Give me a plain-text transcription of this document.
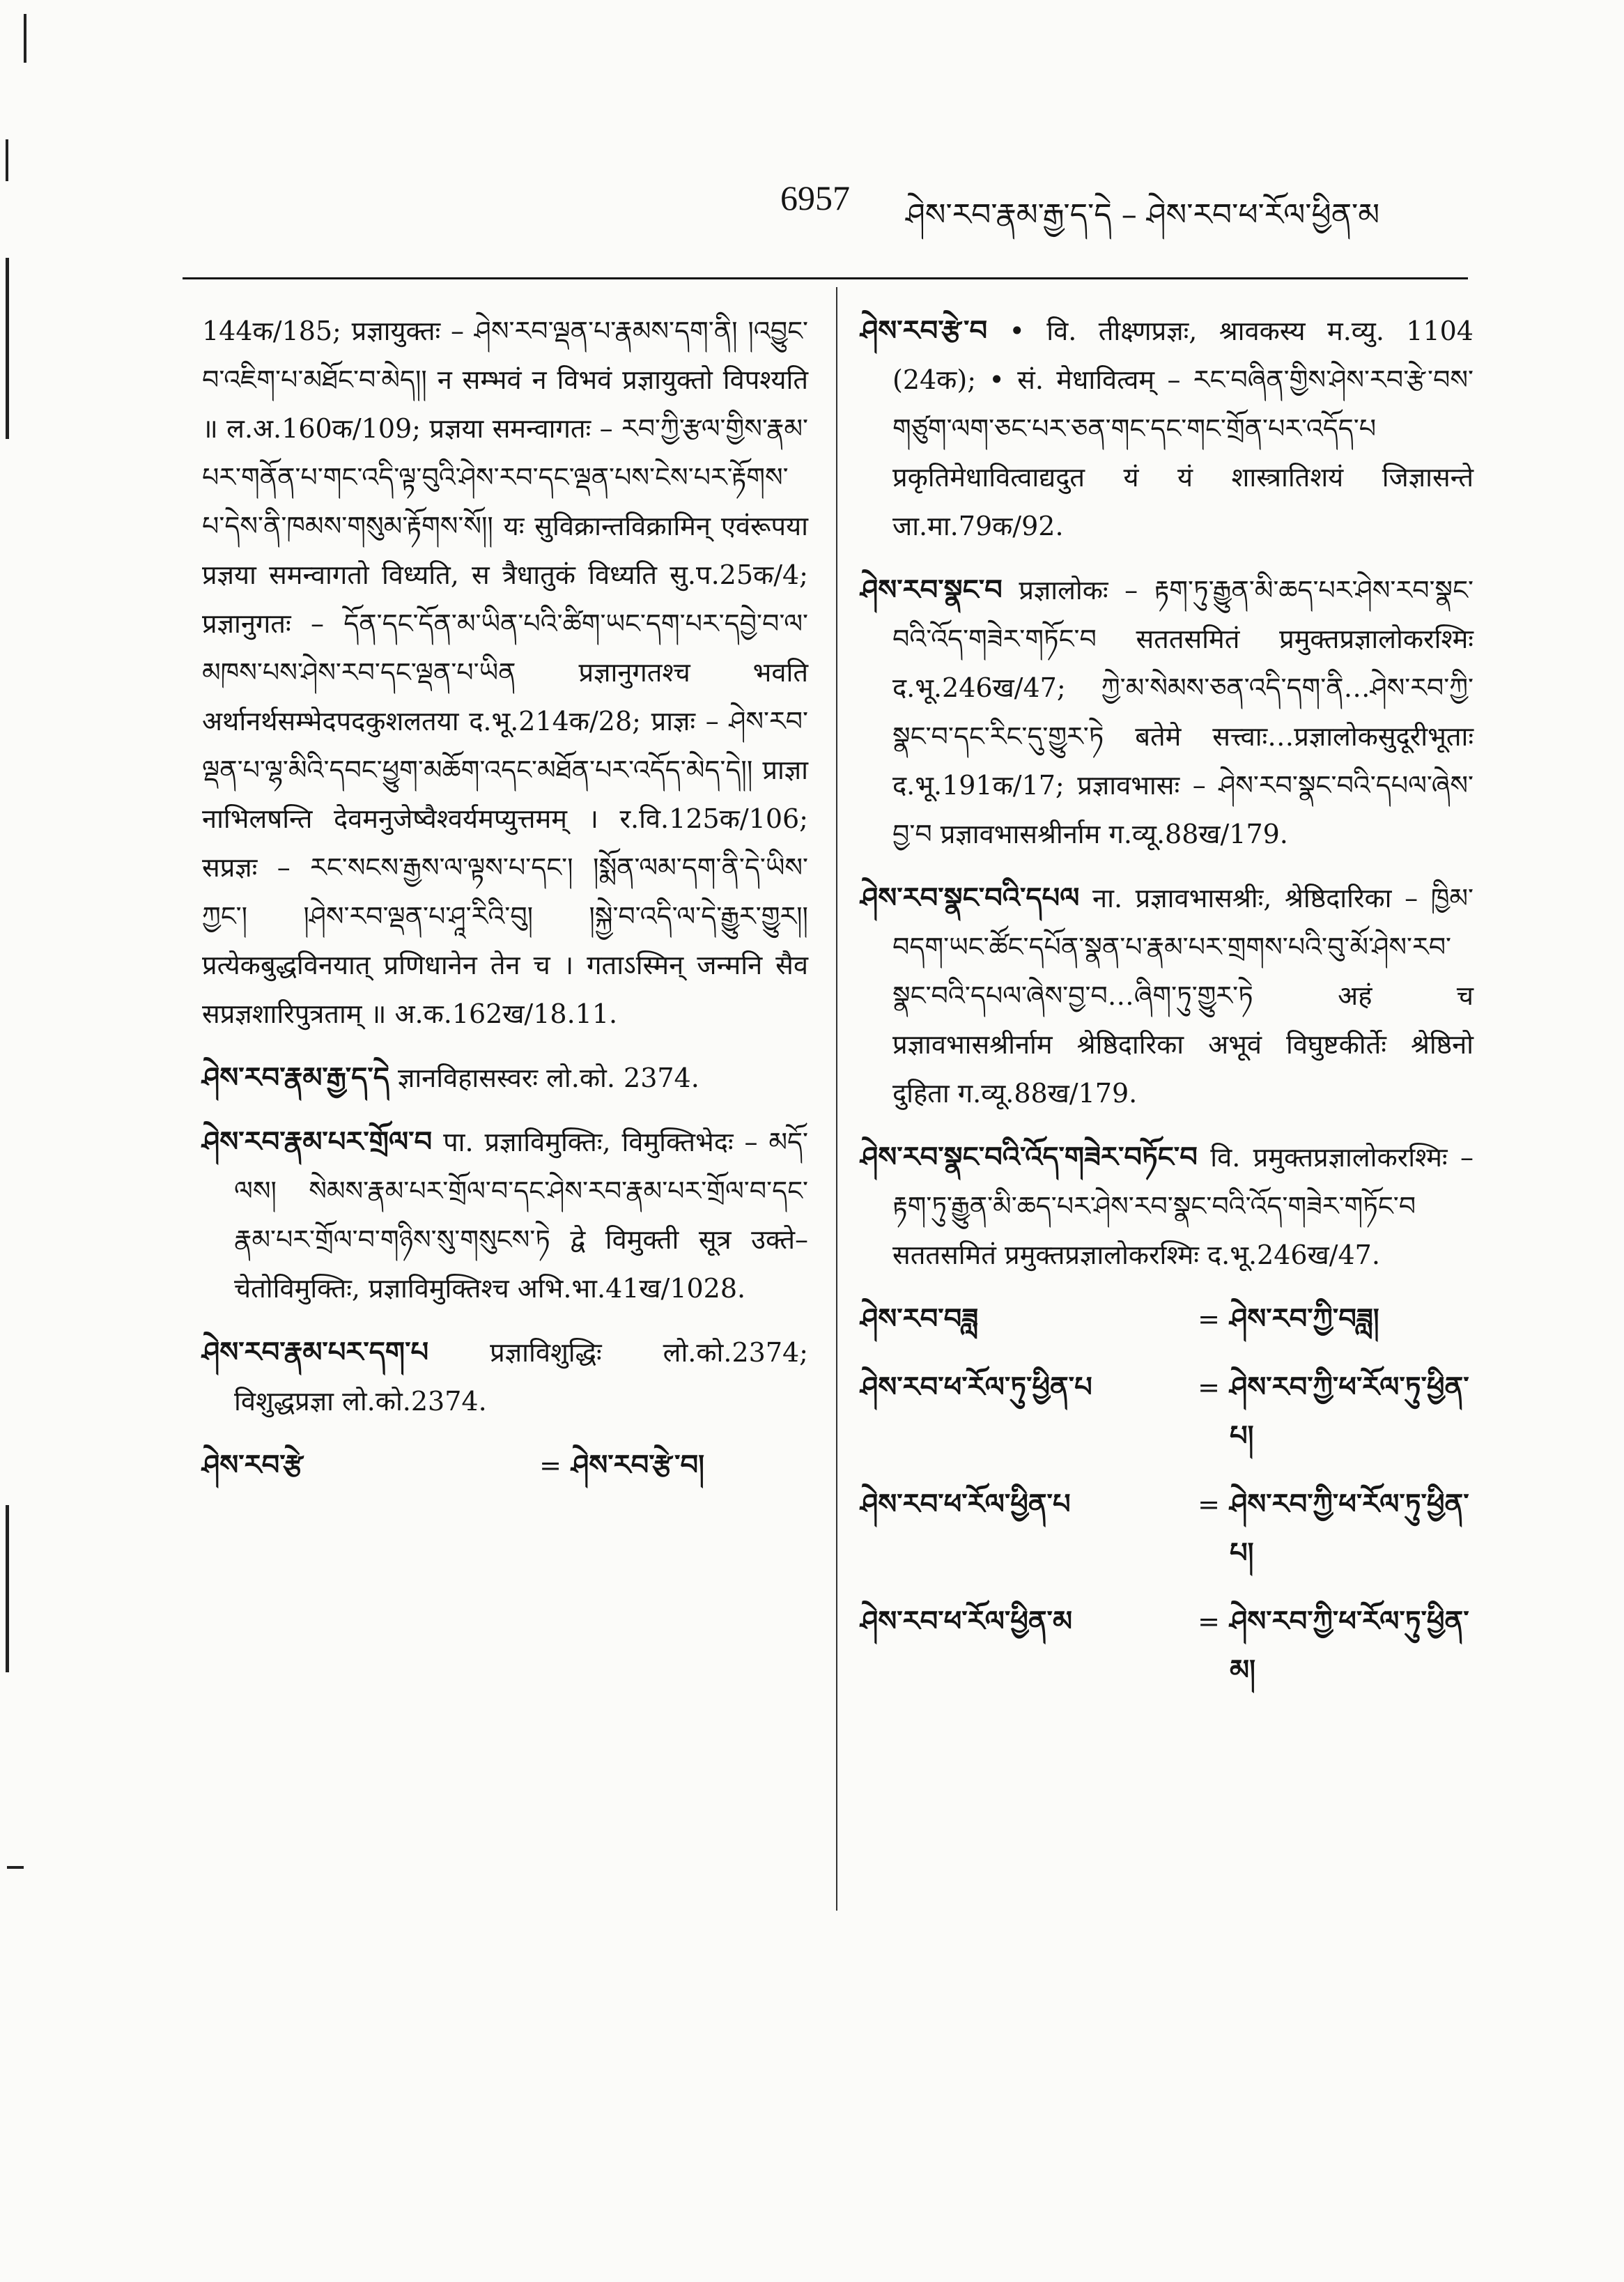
6957 ཤེས་རབ་རྣམ་རྒྱ་ད་དེ – ཤེས་རབ་ཕ་རོལ་ཕྱིན་མ

144क/185; प्रज्ञायुक्तः – ཤེས་རབ་ལྡན་པ་རྣམས་དག་ནི། །འབྱུང་བ་འཇིག་པ་མཐོང་བ་མེད།། न सम्भवं न विभवं प्रज्ञायुक्तो विपश्यति ॥ ल.अ.160क/109; प्रज्ञया समन्वागतः – རབ་ཀྱི་རྩལ་གྱིས་རྣམ་པར་གནོན་པ་གང་འདི་ལྟ་བུའི་ཤེས་རབ་དང་ལྡན་པས་ངེས་པར་རྟོགས་པ་དེས་ནི་ཁམས་གསུམ་རྟོགས་སོ།། यः सुविक्रान्तविक्रामिन् एवंरूपया प्रज्ञया समन्वागतो विध्यति, स त्रैधातुकं विध्यति सु.प.25क/4; प्रज्ञानुगतः – དོན་དང་དོན་མ་ཡིན་པའི་ཚིག་ཡང་དག་པར་དབྱེ་བ་ལ་མཁས་པས་ཤེས་རབ་དང་ལྡན་པ་ཡིན प्रज्ञानुगतश्च भवति अर्थानर्थसम्भेदपदकुशलतया द.भू.214क/28; प्राज्ञः – ཤེས་རབ་ལྡན་པ་ལྷ་མིའི་དབང་ཕྱུག་མཆོག་འདང་མཐོན་པར་འདོད་མེད་དེ།། प्राज्ञा नाभिलषन्ति देवमनुजेष्वैश्वर्यमप्युत्तमम् । र.वि.125क/106; सप्रज्ञः – རང་སངས་རྒྱས་ལ་ལྟས་པ་དང་། །སྨོན་ལམ་དག་ནི་དེ་ཡིས་ཀྱང་། །ཤེས་རབ་ལྡན་པ་ཤཱ་རིའི་བུ། །སྐྱེ་བ་འདི་ལ་དེ་རྒྱུར་གྱུར།། प्रत्येकबुद्धविनयात् प्रणिधानेन तेन च । गताऽस्मिन् जन्मनि सैव सप्रज्ञशारिपुत्रताम् ॥ अ.क.162ख/18.11.

ཤེས་རབ་རྣམ་རྒྱ་ད་དེ ज्ञानविहासस्वरः लो.को. 2374.

ཤེས་རབ་རྣམ་པར་གྲོལ་བ पा. प्रज्ञाविमुक्तिः, विमुक्तिभेदः – མདོ་ལས། སེམས་རྣམ་པར་གྲོལ་བ་དང་ཤེས་རབ་རྣམ་པར་གྲོལ་བ་དང་རྣམ་པར་གྲོལ་བ་གཉིས་སུ་གསུངས་ཏེ द्वे विमुक्ती सूत्र उक्ते–चेतोविमुक्तिः, प्रज्ञाविमुक्तिश्च अभि.भा.41ख/1028.

ཤེས་རབ་རྣམ་པར་དག་པ प्रज्ञाविशुद्धिः लो.को.2374; विशुद्धप्रज्ञा लो.को.2374.

ཤེས་རབ་རྩེ	= ཤེས་རབ་རྩེ་བ།

ཤེས་རབ་རྩེ་བ • वि. तीक्ष्णप्रज्ञः, श्रावकस्य म.व्यु. 1104 (24क); • सं. मेधावित्वम् – རང་བཞིན་གྱིས་ཤེས་རབ་རྩེ་བས་གཙུག་ལག་ཅང་པར་ཅན་གང་དང་གང་གྲོན་པར་འདོད་པ प्रकृतिमेधावित्वाद्यदुत यं यं शास्त्रातिशयं जिज्ञासन्ते जा.मा.79क/92.

ཤེས་རབ་སྣང་བ प्रज्ञालोकः – རྟག་ཏུ་རྒྱུན་མི་ཆད་པར་ཤེས་རབ་སྣང་བའི་འོད་གཟེར་གཏོང་བ सततसमितं प्रमुक्तप्रज्ञालोकरश्मिः द.भू.246ख/47; ཀྱེ་མ་སེམས་ཅན་འདི་དག་ནི…ཤེས་རབ་ཀྱི་སྣང་བ་དང་རིང་དུ་གྱུར་ཏེ बतेमे सत्त्वाः…प्रज्ञालोकसुदूरीभूताः द.भू.191क/17; प्रज्ञावभासः – ཤེས་རབ་སྣང་བའི་དཔལ་ཞེས་བྱ་བ प्रज्ञावभासश्रीर्नाम ग.व्यू.88ख/179.

ཤེས་རབ་སྣང་བའི་དཔལ ना. प्रज्ञावभासश्रीः, श्रेष्ठिदारिका – ཁྱིམ་བདག་ཡང་ཚོང་དཔོན་སྣན་པ་རྣམ་པར་གྲགས་པའི་བུ་མོ་ཤེས་རབ་སྣང་བའི་དཔལ་ཞེས་བྱ་བ…ཞིག་ཏུ་གྱུར་ཏེ अहं च प्रज्ञावभासश्रीर्नाम श्रेष्ठिदारिका अभूवं विघुष्टकीर्तेः श्रेष्ठिनो दुहिता ग.व्यू.88ख/179.

ཤེས་རབ་སྣང་བའི་འོད་གཟེར་བཏོང་བ वि. प्रमुक्तप्रज्ञालोकरश्मिः – རྟག་ཏུ་རྒྱུན་མི་ཆད་པར་ཤེས་རབ་སྣང་བའི་འོད་གཟེར་གཏོང་བ सततसमितं प्रमुक्तप्रज्ञालोकरश्मिः द.भू.246ख/47.

ཤེས་རབ་བཟླ	= ཤེས་རབ་ཀྱི་བཟླ།
ཤེས་རབ་ཕ་རོལ་ཏུ་ཕྱིན་པ	= ཤེས་རབ་ཀྱི་ཕ་རོལ་ཏུ་ཕྱིན་པ།
ཤེས་རབ་ཕ་རོལ་ཕྱིན་པ	= ཤེས་རབ་ཀྱི་ཕ་རོལ་ཏུ་ཕྱིན་པ།
ཤེས་རབ་ཕ་རོལ་ཕྱིན་མ	= ཤེས་རབ་ཀྱི་ཕ་རོལ་ཏུ་ཕྱིན་མ།
